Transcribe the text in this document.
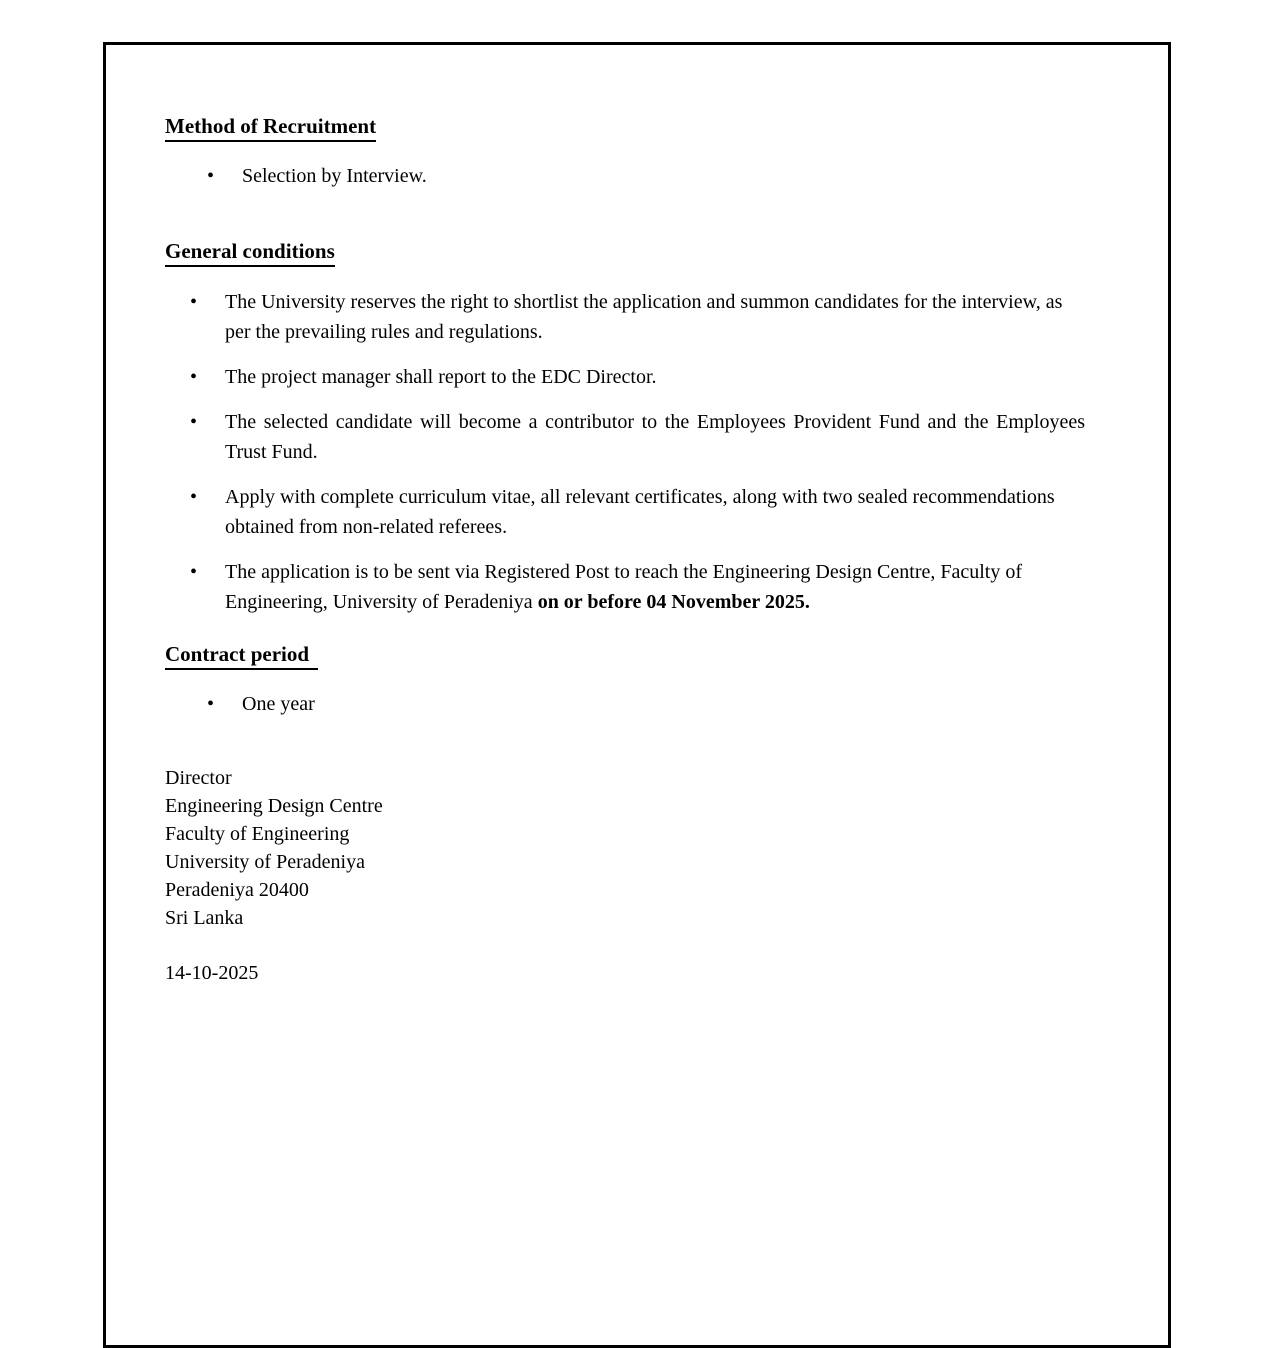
Method of Recruitment
•	Selection by Interview.
General conditions
•	The University reserves the right to shortlist the application and summon candidates for the interview, as per the prevailing rules and regulations.
•	The project manager shall report to the EDC Director.
•	The selected candidate will become a contributor to the Employees Provident Fund and the Employees Trust Fund.
•	Apply with complete curriculum vitae, all relevant certificates, along with two sealed recommendations obtained from non-related referees.
•	The application is to be sent via Registered Post to reach the Engineering Design Centre, Faculty of Engineering, University of Peradeniya on or before 04 November 2025.
Contract period
•	One year
Director
Engineering Design Centre
Faculty of Engineering
University of Peradeniya
Peradeniya 20400
Sri Lanka
14-10-2025
